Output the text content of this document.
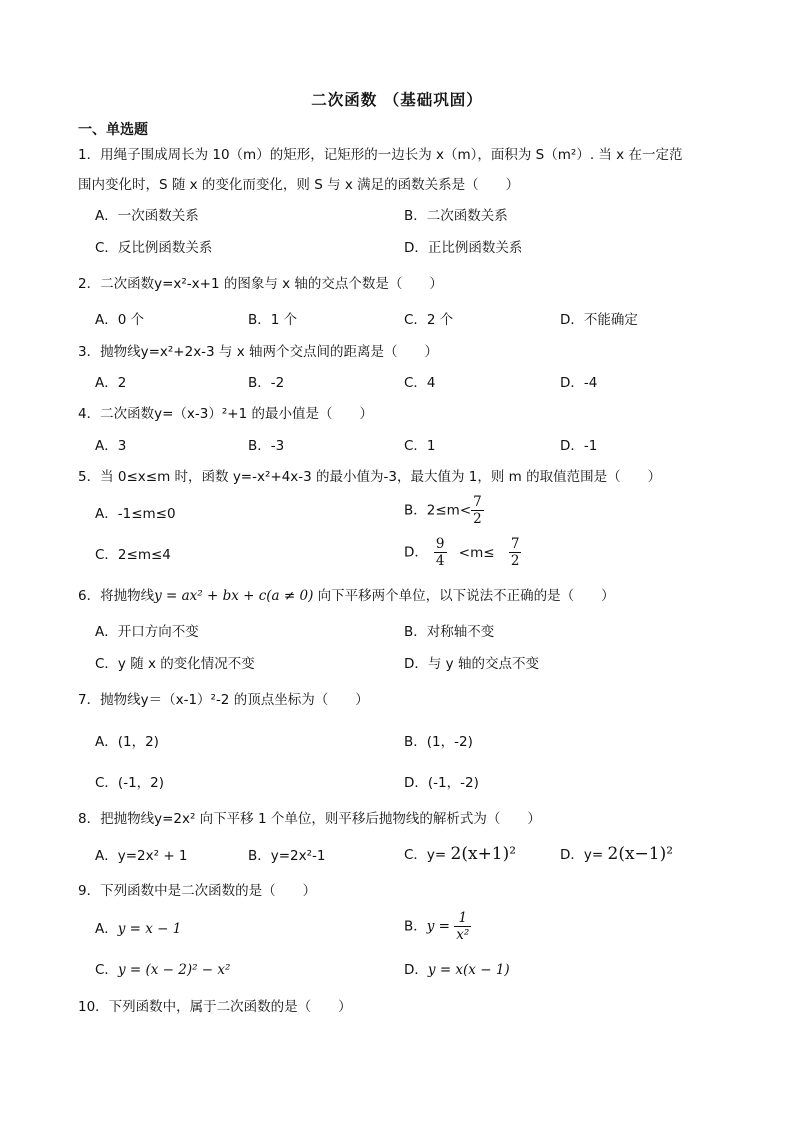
二次函数 （基础巩固）
一、单选题
1．用绳子围成周长为 10（m）的矩形，记矩形的一边长为 x（m），面积为 S（m²）. 当 x 在一定范
围内变化时，S 随 x 的变化而变化，则 S 与 x 满足的函数关系是（　　）
A．一次函数关系	B．二次函数关系
C．反比例函数关系	D．正比例函数关系
2．二次函数y=x²-x+1 的图象与 x 轴的交点个数是（　　）
A．0 个	B．1 个	C．2 个	D．不能确定
3．抛物线y=x²+2x-3 与 x 轴两个交点间的距离是（　　）
A．2	B．-2	C．4	D．-4
4．二次函数y=（x-3）²+1 的最小值是（　　）
A．3	B．-3	C．1	D．-1
5．当 0≤x≤m 时，函数 y=-x²+4x-3 的最小值为-3，最大值为 1，则 m 的取值范围是（　　）
A．-1≤m≤0	B．$2\le m< \frac{7}{2}$
C．2≤m≤4	D． $\frac{9}{4} <m\le \frac{7}{2}$
6．将抛物线y = ax² + bx + c(a ≠ 0) 向下平移两个单位，以下说法不正确的是（　　）
A．开口方向不变	B．对称轴不变
C．y 随 x 的变化情况不变	D．与 y 轴的交点不变
7．抛物线y＝（x-1）²-2 的顶点坐标为（　　）
A．(1，2)	B．(1，-2)
C．(-1，2)	D．(-1，-2)
8．把抛物线y=2x² 向下平移 1 个单位，则平移后抛物线的解析式为（　　）
A．y=2x² + 1	B．y=2x²-1	C．y= 2(x+1)²	D．y= 2(x−1)²
9．下列函数中是二次函数的是（　　）
A．y = x − 1	B．$y = \frac{1}{\text{x²}}$
C．y = (x − 2)² − x²	D．y = x(x − 1)
10．下列函数中，属于二次函数的是（　　）
